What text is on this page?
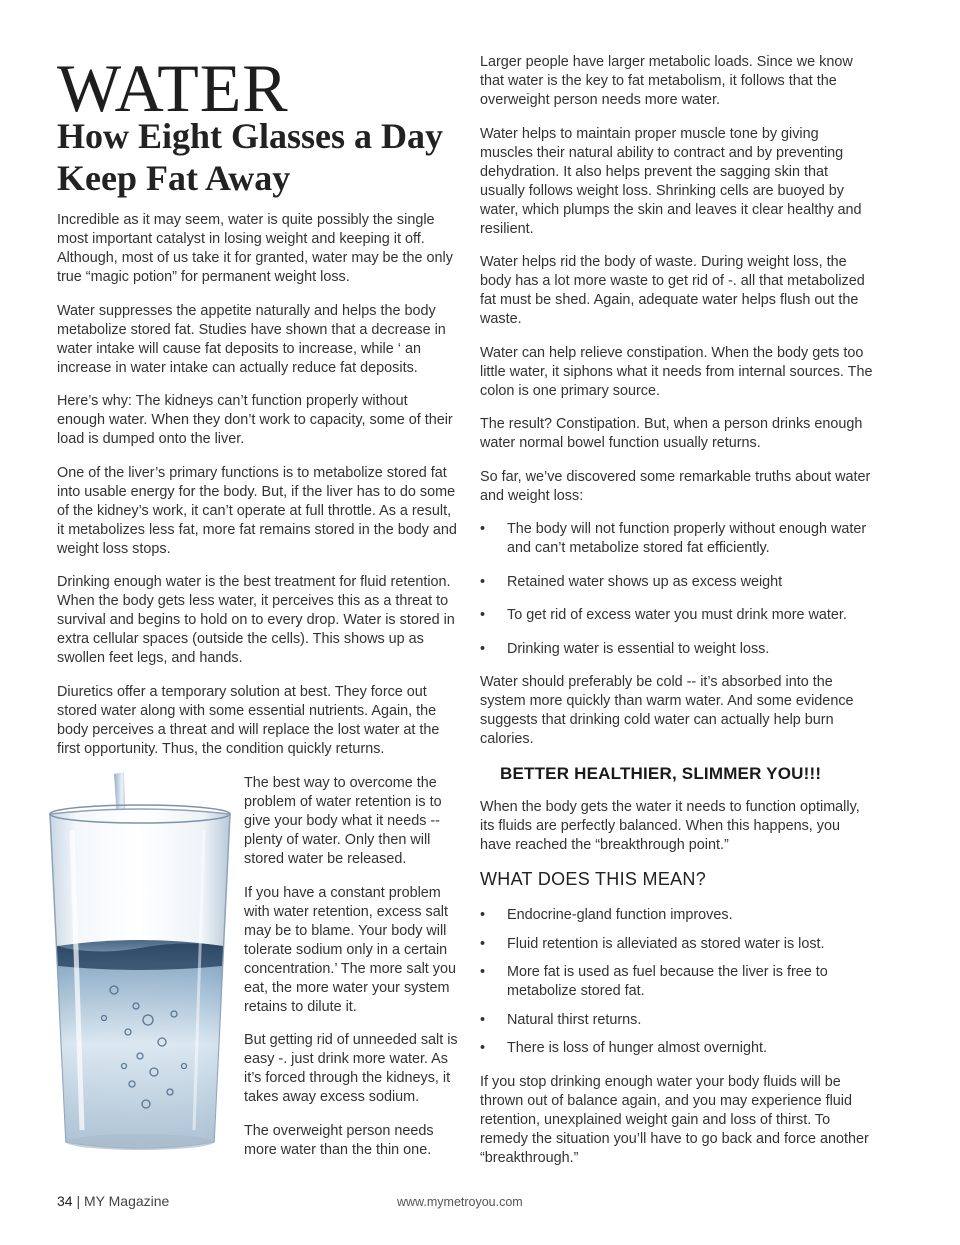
WATER
How Eight Glasses a Day Keep Fat Away

Incredible as it may seem, water is quite possibly the single most important catalyst in losing weight and keeping it off. Although, most of us take it for granted, water may be the only true “magic potion” for permanent weight loss.

Water suppresses the appetite naturally and helps the body metabolize stored fat. Studies have shown that a decrease in water intake will cause fat deposits to increase, while ‘ an increase in water intake can actually reduce fat deposits.

Here’s why: The kidneys can’t function properly without enough water. When they don’t work to capacity, some of their load is dumped onto the liver.

One of the liver’s primary functions is to metabolize stored fat into usable energy for the body. But, if the liver has to do some of the kidney’s work, it can’t operate at full throttle. As a result, it metabolizes less fat, more fat remains stored in the body and weight loss stops.

Drinking enough water is the best treatment for fluid retention. When the body gets less water, it perceives this as a threat to survival and begins to hold on to every drop. Water is stored in extra cellular spaces (outside the cells). This shows up as swollen feet legs, and hands.

Diuretics offer a temporary solution at best. They force out stored water along with some essential nutrients. Again, the body perceives a threat and will replace the lost water at the first opportunity. Thus, the condition quickly returns.

The best way to overcome the problem of water retention is to give your body what it needs -- plenty of water. Only then will stored water be released.

If you have a constant problem with water retention, excess salt may be to blame. Your body will tolerate sodium only in a certain concentration.’ The more salt you eat, the more water your system retains to dilute it.

But getting rid of unneeded salt is easy -. just drink more water. As it’s forced through the kidneys, it takes away excess sodium.

The overweight person needs more water than the thin one.

Larger people have larger metabolic loads. Since we know that water is the key to fat metabolism, it follows that the overweight person needs more water.

Water helps to maintain proper muscle tone by giving muscles their natural ability to contract and by preventing dehydration. It also helps prevent the sagging skin that usually follows weight loss. Shrinking cells are buoyed by water, which plumps the skin and leaves it clear healthy and resilient.

Water helps rid the body of waste. During weight loss, the body has a lot more waste to get rid of -. all that metabolized fat must be shed. Again, adequate water helps flush out the waste.

Water can help relieve constipation. When the body gets too little water, it siphons what it needs from internal sources. The colon is one primary source.

The result? Constipation. But, when a person drinks enough water normal bowel function usually returns.

So far, we’ve discovered some remarkable truths about water and weight loss:

• The body will not function properly without enough water and can’t metabolize stored fat efficiently.
• Retained water shows up as excess weight
• To get rid of excess water you must drink more water.
• Drinking water is essential to weight loss.

Water should preferably be cold -- it’s absorbed into the system more quickly than warm water. And some evidence suggests that drinking cold water can actually help burn calories.

BETTER HEALTHIER, SLIMMER YOU!!!

When the body gets the water it needs to function optimally, its fluids are perfectly balanced. When this happens, you have reached the “breakthrough point.”

WHAT DOES THIS MEAN?
• Endocrine-gland function improves.
• Fluid retention is alleviated as stored water is lost.
• More fat is used as fuel because the liver is free to metabolize stored fat.
• Natural thirst returns.
• There is loss of hunger almost overnight.

If you stop drinking enough water your body fluids will be thrown out of balance again, and you may experience fluid retention, unexplained weight gain and loss of thirst. To remedy the situation you’ll have to go back and force another “breakthrough.”

34 | MY Magazine	www.mymetroyou.com
